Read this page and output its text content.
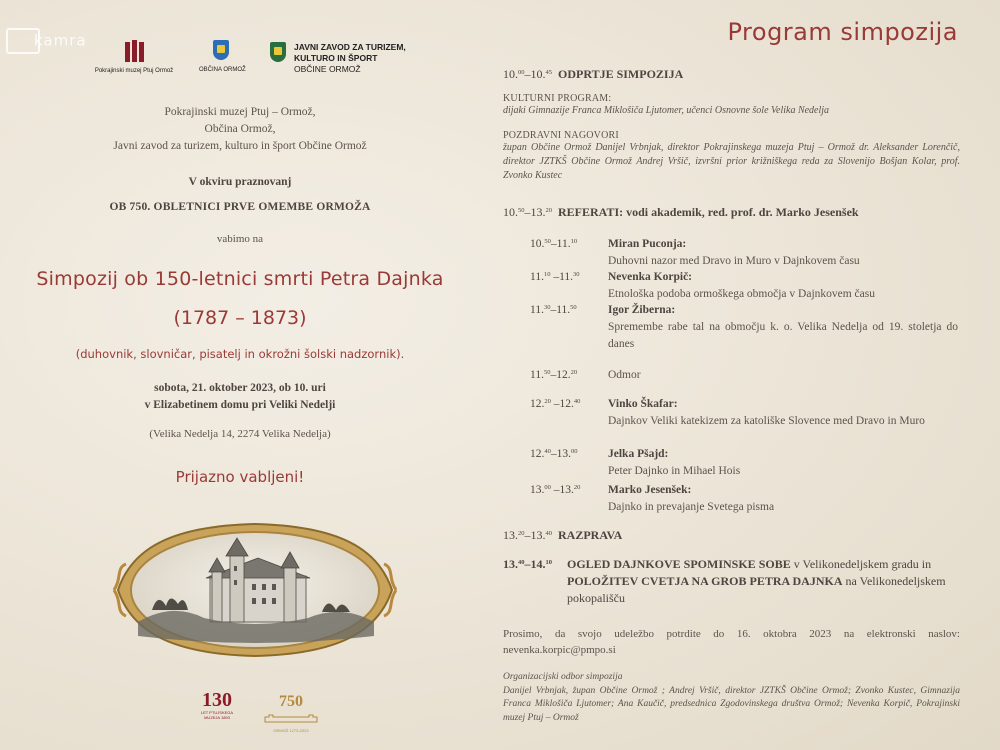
kamra
Pokrajinski muzej Ptuj Ormož	OBČINA ORMOŽ
JAVNI ZAVOD ZA TURIZEM,
KULTURO IN ŠPORT
OBČINE ORMOŽ
Pokrajinski muzej Ptuj – Ormož,
Občina Ormož,
Javni zavod za turizem, kulturo in šport Občine Ormož
V okviru praznovanj
OB 750. OBLETNICI PRVE OMEMBE ORMOŽA
vabimo na
Simpozij ob 150-letnici smrti Petra Dajnka
(1787 – 1873)
(duhovnik, slovničar, pisatelj in okrožni šolski nadzornik).
sobota, 21. oktober 2023, ob 10. uri
v Elizabetinem domu pri Veliki Nedelji
(Velika Nedelja 14, 2274 Velika Nedelja)
Prijazno vabljeni!
130
LET PTUJSKEGA MUZEJA 1893
750
ORMOŽ 1273-2023
Program simpozija
10.00–10.45 ODPRTJE SIMPOZIJA
KULTURNI PROGRAM:
dijaki Gimnazije Franca Miklošiča Ljutomer, učenci Osnovne šole Velika Nedelja
POZDRAVNI NAGOVORI
župan Občine Ormož Danijel Vrbnjak, direktor Pokrajinskega muzeja Ptuj – Ormož dr. Aleksander Lorenčič, direktor JZTKŠ Občine Ormož Andrej Vršič, izvršni prior križniškega reda za Slovenijo Bošjan Kolar, prof. Zvonko Kustec
10.50–13.20 REFERATI: vodi akademik, red. prof. dr. Marko Jesenšek
10.50–11.10	Miran Puconja:
Duhovni nazor med Dravo in Muro v Dajnkovem času
11.10 –11.30	Nevenka Korpič:
Etnološka podoba ormoškega območja v Dajnkovem času
11.30–11.50	Igor Žiberna:
Spremembe rabe tal na območju k. o. Velika Nedelja od 19. stoletja do danes
11.50–12.20	Odmor
12.20 –12.40	Vinko Škafar:
Dajnkov Veliki katekizem za katoliške Slovence med Dravo in Muro
12.40–13.00	Jelka Pšajd:
Peter Dajnko in Mihael Hois
13.00 –13.20	Marko Jesenšek:
Dajnko in prevajanje Svetega pisma
13.20–13.40 RAZPRAVA
13.40–14.10	OGLED DAJNKOVE SPOMINSKE SOBE v Velikonedeljskem gradu in POLOŽITEV CVETJA NA GROB PETRA DAJNKA na Velikonedeljskem pokopališču
Prosimo, da svojo udeležbo potrdite do 16. oktobra 2023 na elektronski naslov: nevenka.korpic@pmpo.si
Organizacijski odbor simpozija
Danijel Vrbnjak, župan Občine Ormož ; Andrej Vršič, direktor JZTKŠ Občine Ormož; Zvonko Kustec, Gimnazija Franca Miklošiča Ljutomer; Ana Kaučič, predsednica Zgodovinskega društva Ormož; Nevenka Korpič, Pokrajinski muzej Ptuj – Ormož
